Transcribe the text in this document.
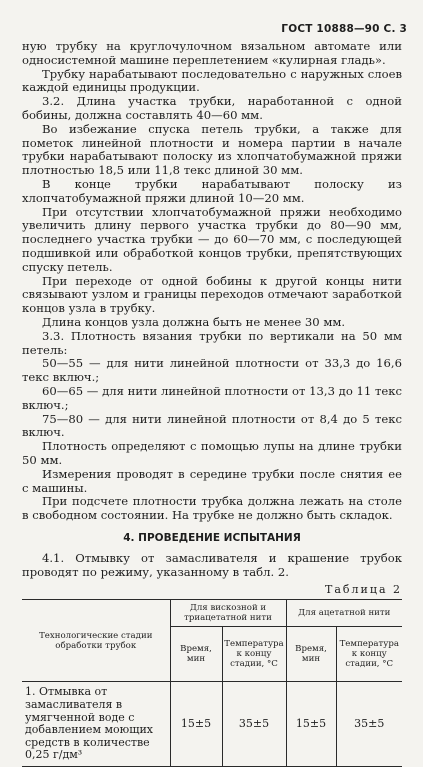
ГОСТ 10888—90 С. 3

ную трубку на круглочулочном вязальном автомате или односистемной машине переплетением «кулирная гладь».

Трубку нарабатывают последовательно с наружных слоев каждой единицы продукции.

3.2. Длина участка трубки, наработанной с одной бобины, должна составлять 40—60 мм.

Во избежание спуска петель трубки, а также для пометок линейной плотности и номера партии в начале трубки нарабатывают полоску из хлопчатобумажной пряжи плотностью 18,5 или 11,8 текс длиной 30 мм.

В конце трубки нарабатывают полоску из хлопчатобумажной пряжи длиной 10—20 мм.

При отсутствии хлопчатобумажной пряжи необходимо увеличить длину первого участка трубки до 80—90 мм, последнего участка трубки — до 60—70 мм, с последующей подшивкой или обработкой концов трубки, препятствующих спуску петель.

При переходе от одной бобины к другой концы нити связывают узлом и границы переходов отмечают заработкой концов узла в трубку.

Длина концов узла должна быть не менее 30 мм.

3.3. Плотность вязания трубки по вертикали на 50 мм петель:

50—55 — для нити линейной плотности от 33,3 до 16,6 текс включ.;

60—65 — для нити линейной плотности от 13,3 до 11 текс включ.;

75—80 — для нити линейной плотности от 8,4 до 5 текс включ.

Плотность определяют с помощью лупы на длине трубки 50 мм.

Измерения проводят в середине трубки после снятия ее с машины.

При подсчете плотности трубка должна лежать на столе в свободном состоянии. На трубке не должно быть складок.

4. ПРОВЕДЕНИЕ ИСПЫТАНИЯ

4.1. Отмывку от замасливателя и крашение трубок проводят по режиму, указанному в табл. 2.

Таблица 2
Технологические стадии обработки трубок	Для вискозной и триацетатной нити		Для ацетатной нити	
	Время, мин	Температура к концу стадии, °С	Время, мин	Температура к концу стадии, °С
1. Отмывка от замасливателя в умягченной воде с добавлением моющих средств в количестве 0,25 г/дм³	15±5	35±5	15±5	35±5
